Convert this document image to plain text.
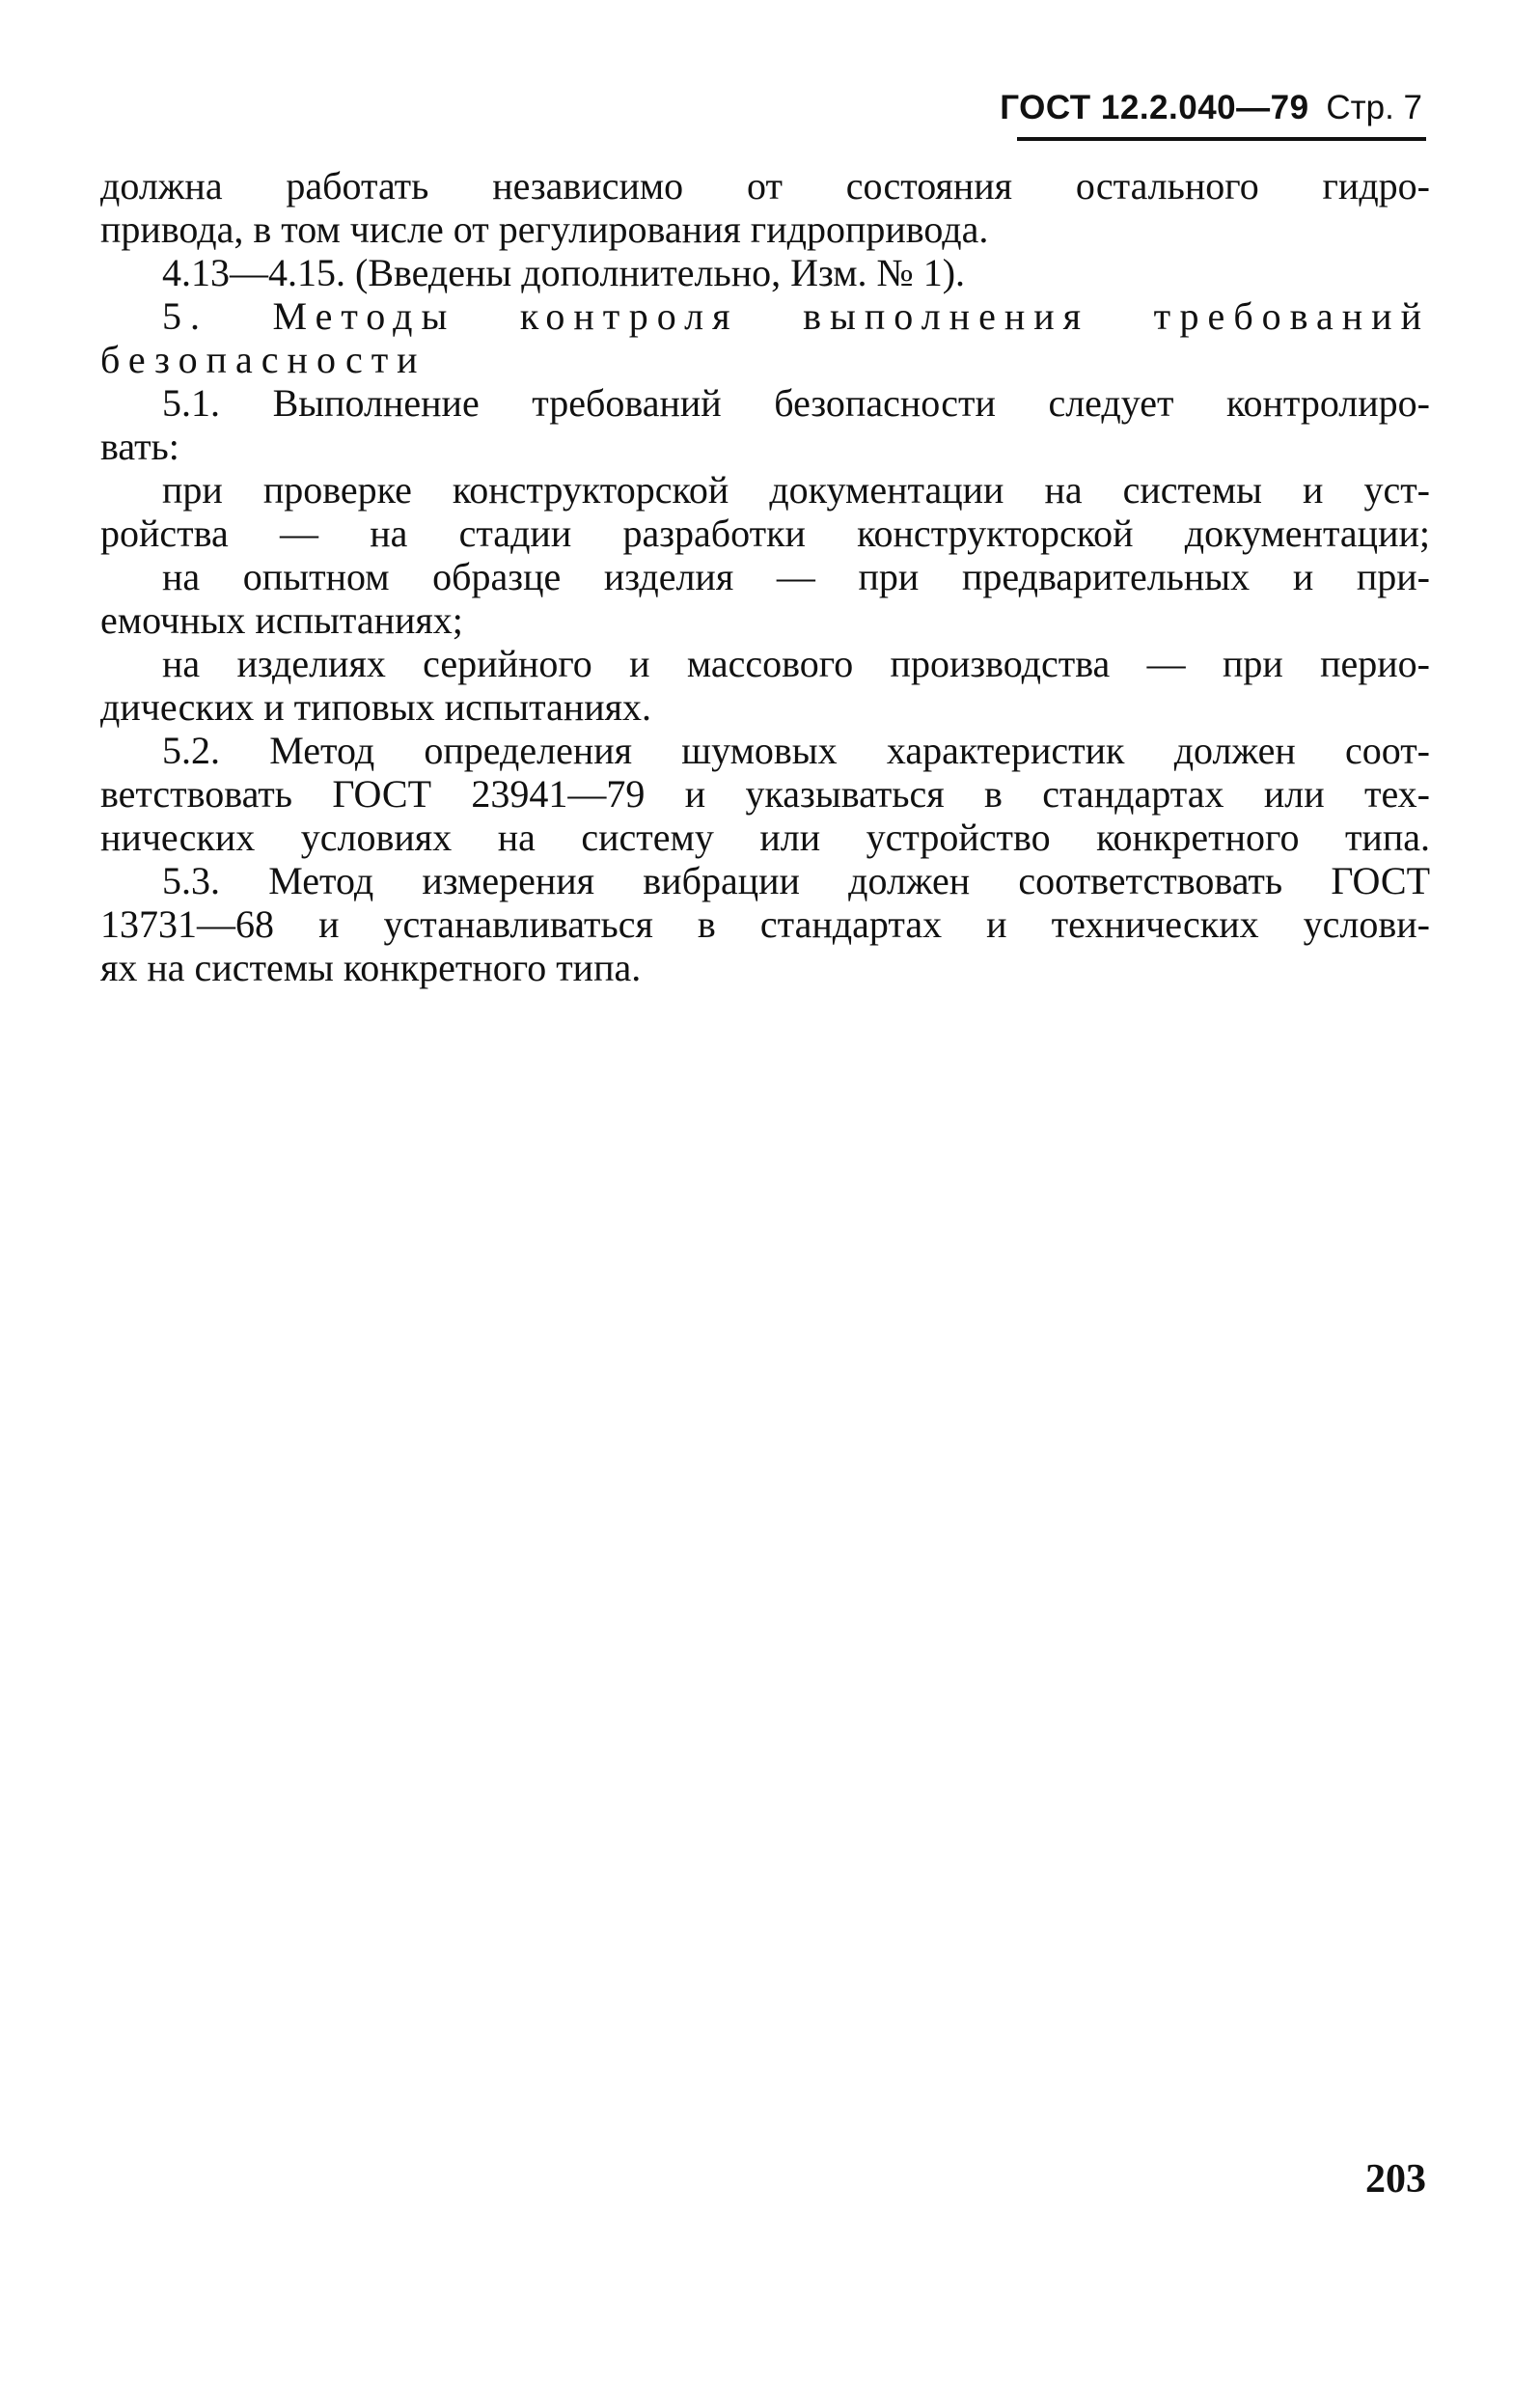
ГОСТ 12.2.040—79 Стр. 7
должна работать независимо от состояния остального гидро-
привода, в том числе от регулирования гидропривода.
4.13—4.15. (Введены дополнительно, Изм. № 1).
5. Методы контроля выполнения требований
безопасности
5.1. Выполнение требований безопасности следует контролиро-
вать:
при проверке конструкторской документации на системы и уст-
ройства — на стадии разработки конструкторской документации;
на опытном образце изделия — при предварительных и при-
емочных испытаниях;
на изделиях серийного и массового производства — при перио-
дических и типовых испытаниях.
5.2. Метод определения шумовых характеристик должен соот-
ветствовать ГОСТ 23941—79 и указываться в стандартах или тех-
нических условиях на систему или устройство конкретного типа.
5.3. Метод измерения вибрации должен соответствовать ГОСТ
13731—68 и устанавливаться в стандартах и технических услови-
ях на системы конкретного типа.
203
